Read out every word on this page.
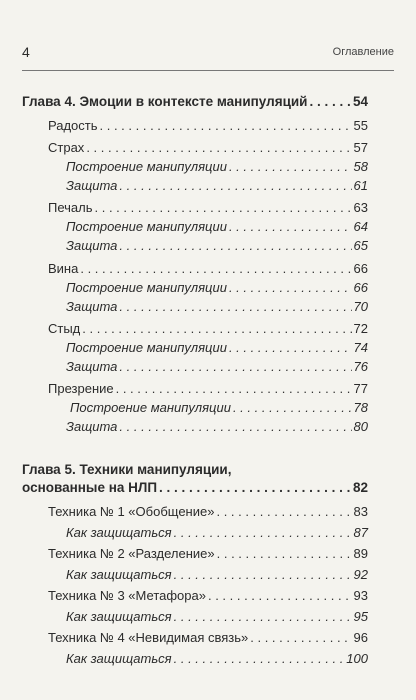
4	Оглавление
Глава 4. Эмоции в контексте манипуляций . . .	54
Радость . . .	55
Страх . . .	57
Построение манипуляции . . .	58
Защита . . .	61
Печаль . . .	63
Построение манипуляции . . .	64
Защита . . .	65
Вина . . .	66
Построение манипуляции . . .	66
Защита . . .	70
Стыд . . .	72
Построение манипуляции . . .	74
Защита . . .	76
Презрение . . .	77
Построение манипуляции . . .	78
Защита . . .	80
Глава 5. Техники манипуляции,
основанные на НЛП . . .	82
Техника № 1 «Обобщение» . . .	83
Как защищаться . . .	87
Техника № 2 «Разделение» . . .	89
Как защищаться . . .	92
Техника № 3 «Метафора» . . .	93
Как защищаться . . .	95
Техника № 4 «Невидимая связь» . . .	96
Как защищаться . . .	100
